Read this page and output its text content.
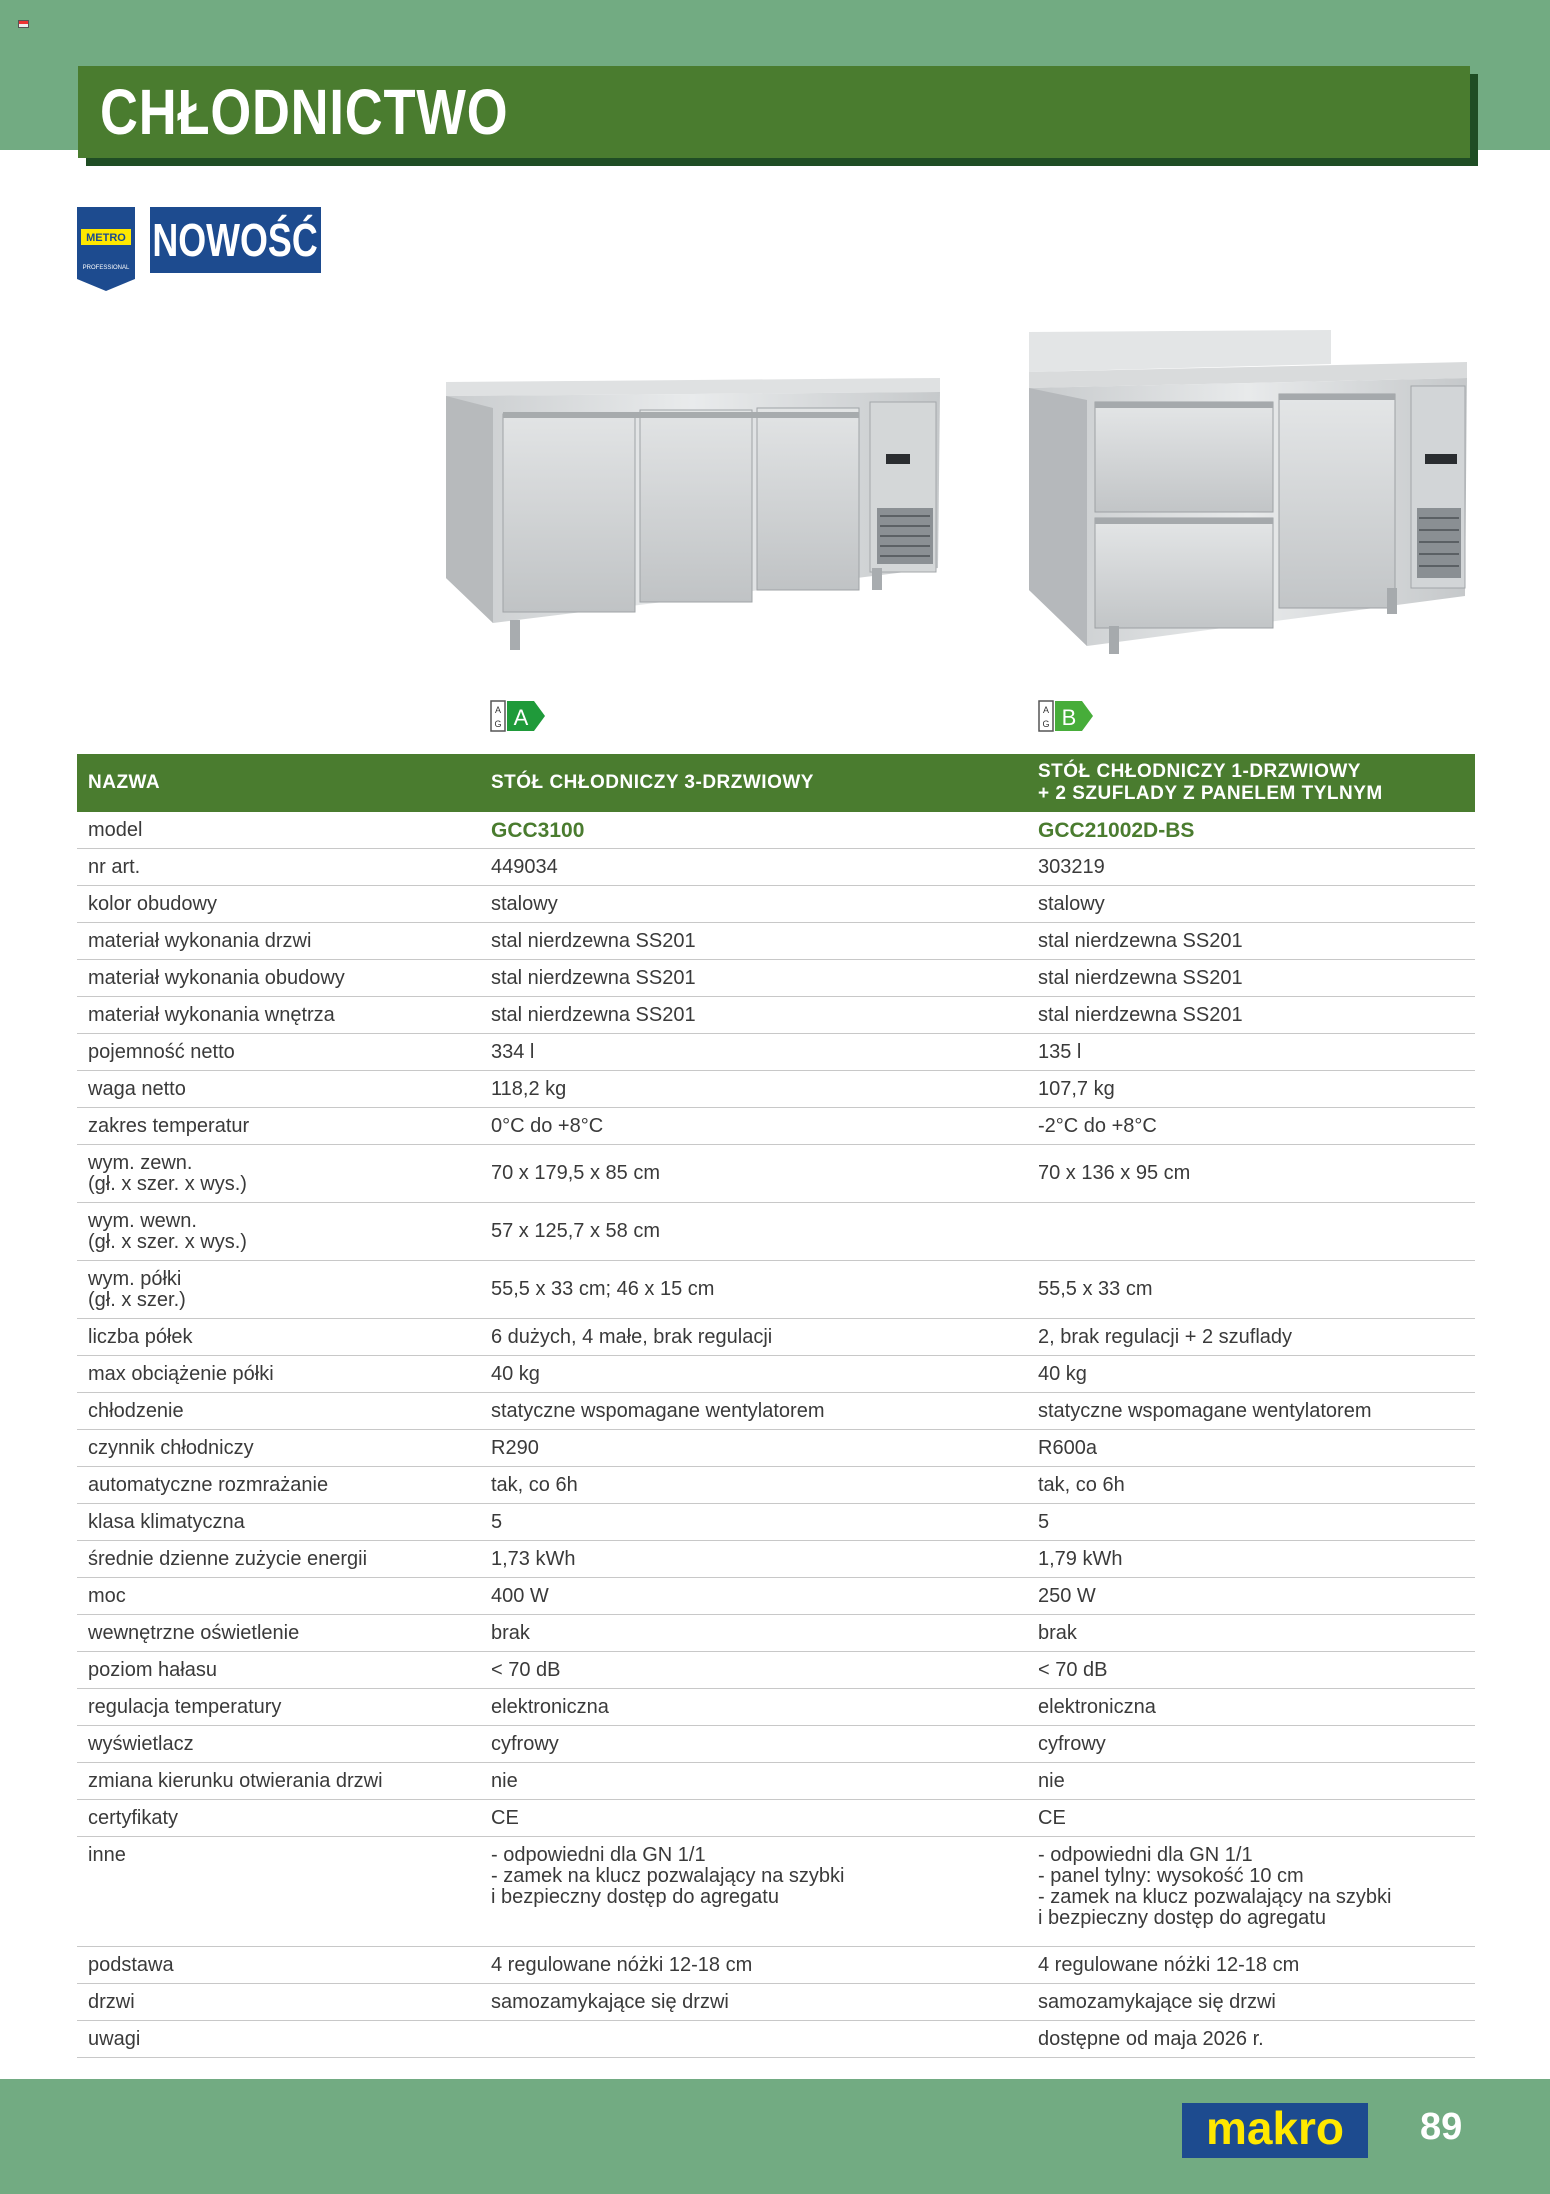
CHŁODNICTWO
METRO
PROFESSIONAL
NOWOŚĆ
A
G A	A
G B
NAZWA	STÓŁ CHŁODNICZY 3-DRZWIOWY	STÓŁ CHŁODNICZY 1-DRZWIOWY
+ 2 SZUFLADY Z PANELEM TYLNYM

model	GCC3100	GCC21002D-BS

nr art.	449034	303219

kolor obudowy	stalowy	stalowy

materiał wykonania drzwi	stal nierdzewna SS201	stal nierdzewna SS201

materiał wykonania obudowy	stal nierdzewna SS201	stal nierdzewna SS201

materiał wykonania wnętrza	stal nierdzewna SS201	stal nierdzewna SS201

pojemność netto	334 l	135 l

waga netto	118,2 kg	107,7 kg

zakres temperatur	0°C do +8°C	-2°C do +8°C

wym. zewn.
(gł. x szer. x wys.)	70 x 179,5 x 85 cm	70 x 136 x 95 cm

wym. wewn.
(gł. x szer. x wys.)	57 x 125,7 x 58 cm	

wym. półki
(gł. x szer.)	55,5 x 33 cm; 46 x 15 cm	55,5 x 33 cm

liczba półek	6 dużych, 4 małe, brak regulacji	2, brak regulacji + 2 szuflady

max obciążenie półki	40 kg	40 kg

chłodzenie	statyczne wspomagane wentylatorem	statyczne wspomagane wentylatorem

czynnik chłodniczy	R290	R600a

automatyczne rozmrażanie	tak, co 6h	tak, co 6h

klasa klimatyczna	5	5

średnie dzienne zużycie energii	1,73 kWh	1,79 kWh

moc	400 W	250 W

wewnętrzne oświetlenie	brak	brak

poziom hałasu	< 70 dB	< 70 dB

regulacja temperatury	elektroniczna	elektroniczna

wyświetlacz	cyfrowy	cyfrowy

zmiana kierunku otwierania drzwi	nie	nie

certyfikaty	CE	CE

inne	- odpowiedni dla GN 1/1
- zamek na klucz pozwalający na szybki
i bezpieczny dostęp do agregatu	- odpowiedni dla GN 1/1
- panel tylny: wysokość 10 cm
- zamek na klucz pozwalający na szybki
i bezpieczny dostęp do agregatu

podstawa	4 regulowane nóżki 12-18 cm	4 regulowane nóżki 12-18 cm

drzwi	samozamykające się drzwi	samozamykające się drzwi

uwagi		dostępne od maja 2026 r.
makro 89
